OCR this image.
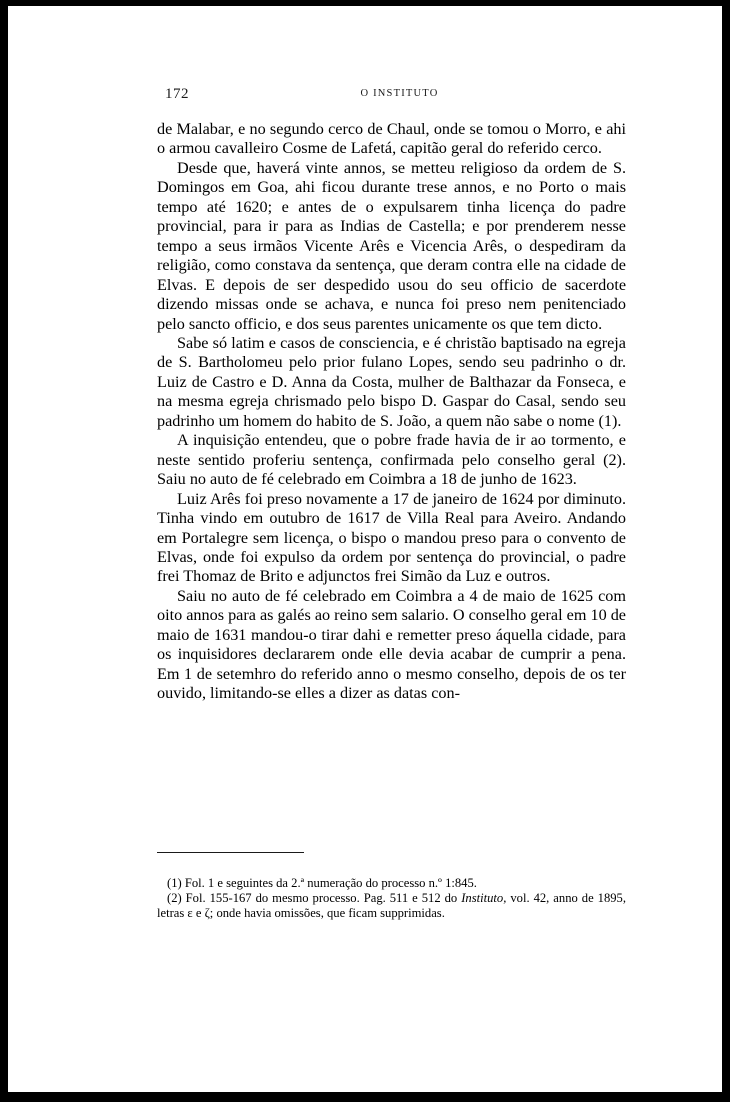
172	O INSTITUTO

de Malabar, e no segundo cerco de Chaul, onde se tomou o Morro, e ahi o armou cavalleiro Cosme de Lafetá, capitão geral do referido cerco.

Desde que, haverá vinte annos, se metteu religioso da ordem de S. Domingos em Goa, ahi ficou durante trese annos, e no Porto o mais tempo até 1620; e antes de o expulsarem tinha licença do padre provincial, para ir para as Indias de Castella; e por prenderem nesse tempo a seus irmãos Vicente Arês e Vicencia Arês, o despediram da religião, como constava da sentença, que deram contra elle na cidade de Elvas. E depois de ser despedido usou do seu officio de sacerdote dizendo missas onde se achava, e nunca foi preso nem penitenciado pelo sancto officio, e dos seus parentes unicamente os que tem dicto.

Sabe só latim e casos de consciencia, e é christão baptisado na egreja de S. Bartholomeu pelo prior fulano Lopes, sendo seu padrinho o dr. Luiz de Castro e D. Anna da Costa, mulher de Balthazar da Fonseca, e na mesma egreja chrismado pelo bispo D. Gaspar do Casal, sendo seu padrinho um homem do habito de S. João, a quem não sabe o nome (1).

A inquisição entendeu, que o pobre frade havia de ir ao tormento, e neste sentido proferiu sentença, confirmada pelo conselho geral (2). Saiu no auto de fé celebrado em Coimbra a 18 de junho de 1623.

Luiz Arês foi preso novamente a 17 de janeiro de 1624 por diminuto. Tinha vindo em outubro de 1617 de Villa Real para Aveiro. Andando em Portalegre sem licença, o bispo o mandou preso para o convento de Elvas, onde foi expulso da ordem por sentença do provincial, o padre frei Thomaz de Brito e adjunctos frei Simão da Luz e outros.

Saiu no auto de fé celebrado em Coimbra a 4 de maio de 1625 com oito annos para as galés ao reino sem salario. O conselho geral em 10 de maio de 1631 mandou-o tirar dahi e remetter preso áquella cidade, para os inquisidores declararem onde elle devia acabar de cumprir a pena. Em 1 de setemhro do referido anno o mesmo conselho, depois de os ter ouvido, limitando-se elles a dizer as datas con-

(1) Fol. 1 e seguintes da 2.ª numeração do processo n.º 1:845.

(2) Fol. 155-167 do mesmo processo. Pag. 511 e 512 do Instituto, vol. 42, anno de 1895, letras ε e ζ; onde havia omissões, que ficam supprimidas.
